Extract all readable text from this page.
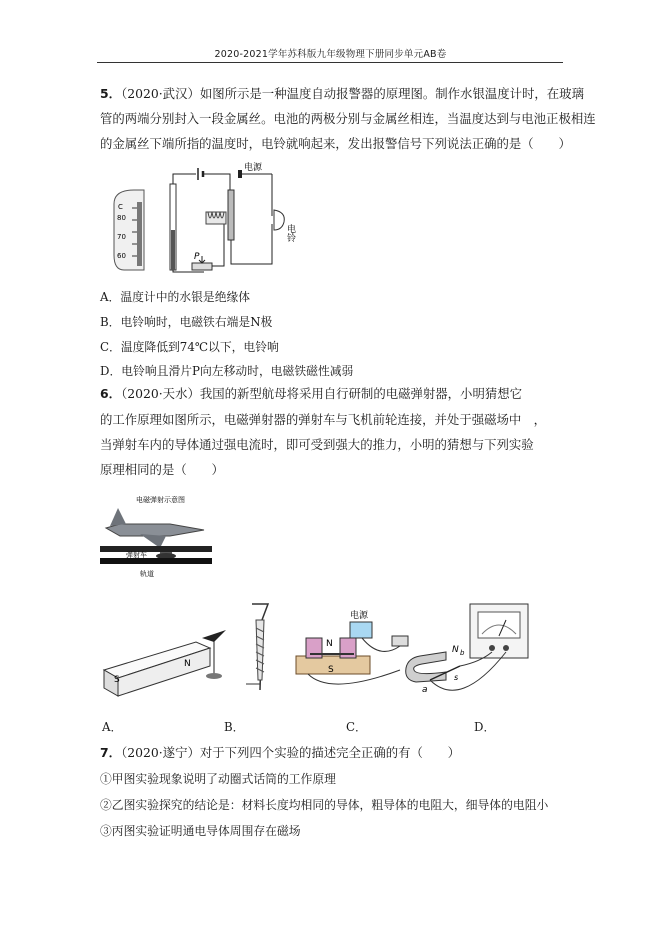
2020-2021学年苏科版九年级物理下册同步单元AB卷
5．（2020·武汉）如图所示是一种温度自动报警器的原理图。制作水银温度计时，在玻璃
管的两端分别封入一段金属丝。电池的两极分别与金属丝相连，当温度达到与电池正极相连
的金属丝下端所指的温度时，电铃就响起来，发出报警信号下列说法正确的是（　　）
C
80
70
60	P
电源
电铃
A．温度计中的水银是绝缘体
B．电铃响时，电磁铁右端是N极
C．温度降低到74℃以下，电铃响
D．电铃响且滑片P向左移动时，电磁铁磁性减弱
6．（2020·天水）我国的新型航母将采用自行研制的电磁弹射器，小明猜想它
的工作原理如图所示，电磁弹射器的弹射车与飞机前轮连接，并处于强磁场中　，
当弹射车内的导体通过强电流时，即可受到强大的推力，小明的猜想与下列实验
原理相同的是（　　）
电磁弹射示意图
弹射车
轨道
S
N
N
S
电源
N b
a
s
A．	B．	C．	D．
7．（2020·遂宁）对于下列四个实验的描述完全正确的有（　　）
①甲图实验现象说明了动圈式话筒的工作原理
②乙图实验探究的结论是：材料长度均相同的导体，粗导体的电阻大，细导体的电阻小
③丙图实验证明通电导体周围存在磁场
